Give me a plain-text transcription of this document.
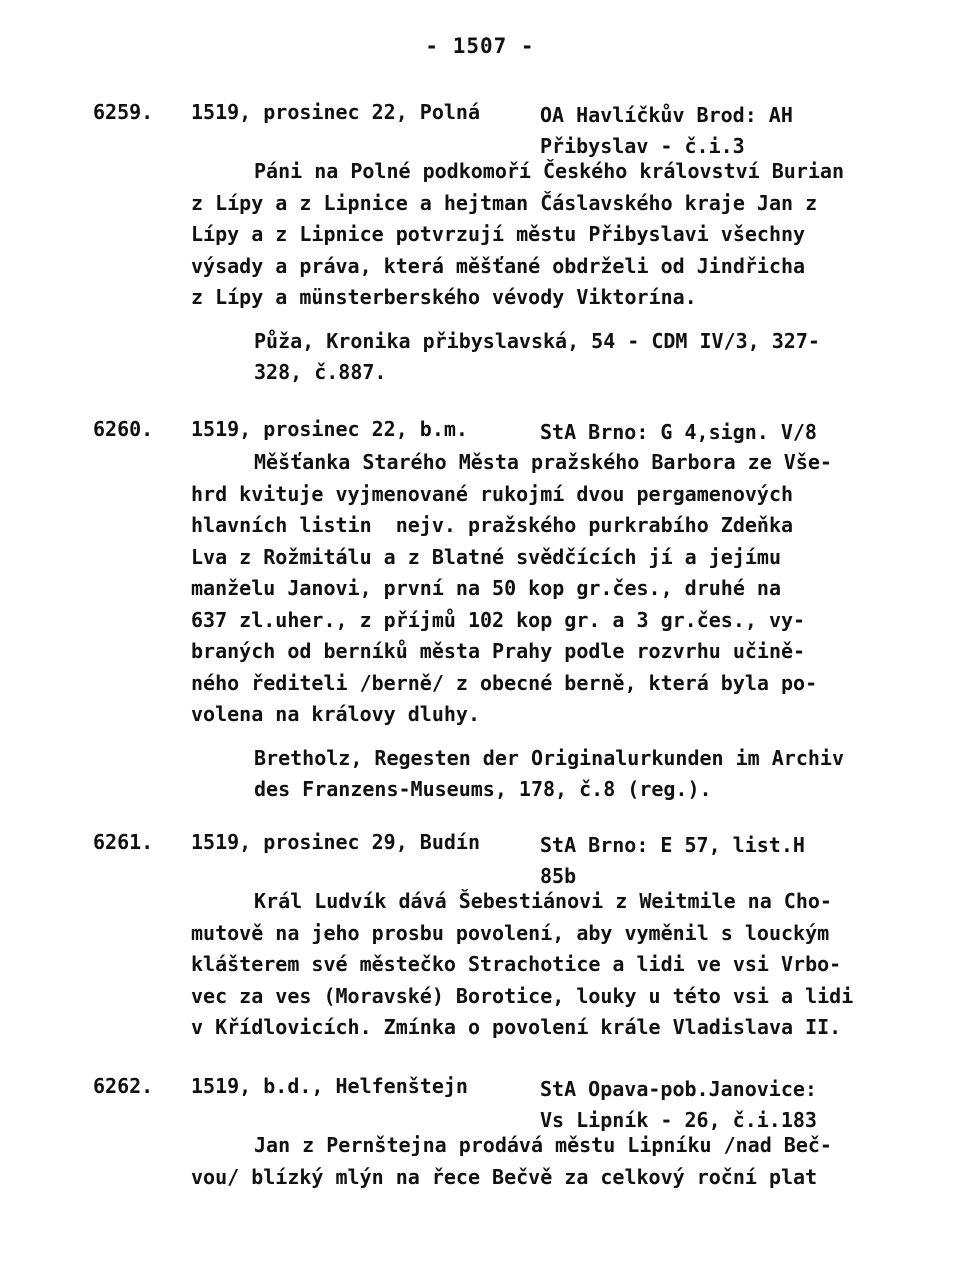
- 1507 -
6259. 1519, prosinec 22, Polná	OA Havlíčkův Brod: AH
Přibyslav - č.i.3
Páni na Polné podkomoří Českého království Burian
z Lípy a z Lipnice a hejtman Čáslavského kraje Jan z
Lípy a z Lipnice potvrzují městu Přibyslavi všechny
výsady a práva, která měšťané obdrželi od Jindřicha
z Lípy a münsterberského vévody Viktorína.
Půža, Kronika přibyslavská, 54 - CDM IV/3, 327-
328, č.887.
6260. 1519, prosinec 22, b.m.	StA Brno: G 4,sign. V/8
Měšťanka Starého Města pražského Barbora ze Vše-
hrd kvituje vyjmenované rukojmí dvou pergamenových
hlavních listin  nejv. pražského purkrabího Zdeňka
Lva z Rožmitálu a z Blatné svědčících jí a jejímu
manželu Janovi, první na 50 kop gr.čes., druhé na
637 zl.uher., z příjmů 102 kop gr. a 3 gr.čes., vy-
braných od berníků města Prahy podle rozvrhu učině-
ného řediteli /berně/ z obecné berně, která byla po-
volena na královy dluhy.
Bretholz, Regesten der Originalurkunden im Archiv
des Franzens-Museums, 178, č.8 (reg.).
6261. 1519, prosinec 29, Budín	StA Brno: E 57, list.H
85b
Král Ludvík dává Šebestiánovi z Weitmile na Cho-
mutově na jeho prosbu povolení, aby vyměnil s louckým
klášterem své městečko Strachotice a lidi ve vsi Vrbo-
vec za ves (Moravské) Borotice, louky u této vsi a lidi
v Křídlovicích. Zmínka o povolení krále Vladislava II.
6262. 1519, b.d., Helfenštejn	StA Opava-pob.Janovice:
Vs Lipník - 26, č.i.183
Jan z Pernštejna prodává městu Lipníku /nad Beč-
vou/ blízký mlýn na řece Bečvě za celkový roční plat
